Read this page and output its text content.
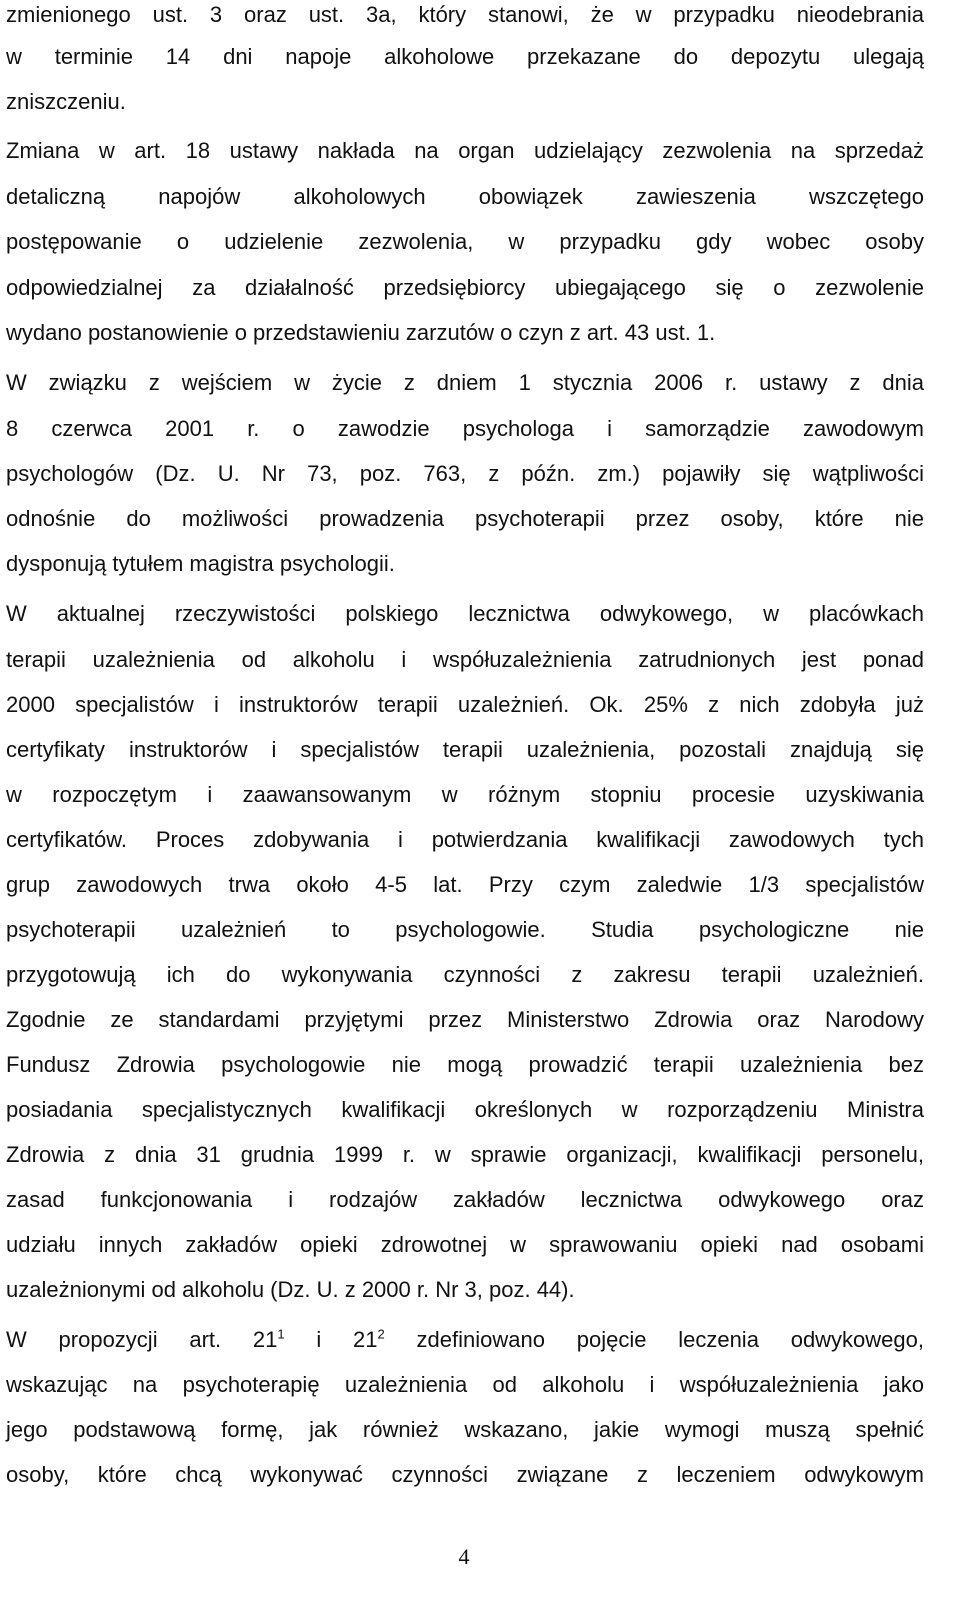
zmienionego ust. 3 oraz ust. 3a, który stanowi, że w przypadku nieodebrania
w terminie 14 dni napoje alkoholowe przekazane do depozytu ulegają
zniszczeniu.
Zmiana w art. 18 ustawy nakłada na organ udzielający zezwolenia na sprzedaż
detaliczną napojów alkoholowych obowiązek zawieszenia wszczętego
postępowanie o udzielenie zezwolenia, w przypadku gdy wobec osoby
odpowiedzialnej za działalność przedsiębiorcy ubiegającego się o zezwolenie
wydano postanowienie o przedstawieniu zarzutów o czyn z art. 43 ust. 1.
W związku z wejściem w życie z dniem 1 stycznia 2006 r. ustawy z dnia
8 czerwca 2001 r. o zawodzie psychologa i samorządzie zawodowym
psychologów (Dz. U. Nr 73, poz. 763, z późn. zm.) pojawiły się wątpliwości
odnośnie do możliwości prowadzenia psychoterapii przez osoby, które nie
dysponują tytułem magistra psychologii.
W aktualnej rzeczywistości polskiego lecznictwa odwykowego, w placówkach
terapii uzależnienia od alkoholu i współuzależnienia zatrudnionych jest ponad
2000 specjalistów i instruktorów terapii uzależnień. Ok. 25% z nich zdobyła już
certyfikaty instruktorów i specjalistów terapii uzależnienia, pozostali znajdują się
w rozpoczętym i zaawansowanym w różnym stopniu procesie uzyskiwania
certyfikatów. Proces zdobywania i potwierdzania kwalifikacji zawodowych tych
grup zawodowych trwa około 4-5 lat. Przy czym zaledwie 1/3 specjalistów
psychoterapii uzależnień to psychologowie. Studia psychologiczne nie
przygotowują ich do wykonywania czynności z zakresu terapii uzależnień.
Zgodnie ze standardami przyjętymi przez Ministerstwo Zdrowia oraz Narodowy
Fundusz Zdrowia psychologowie nie mogą prowadzić terapii uzależnienia bez
posiadania specjalistycznych kwalifikacji określonych w rozporządzeniu Ministra
Zdrowia z dnia 31 grudnia 1999 r. w sprawie organizacji, kwalifikacji personelu,
zasad funkcjonowania i rodzajów zakładów lecznictwa odwykowego oraz
udziału innych zakładów opieki zdrowotnej w sprawowaniu opieki nad osobami
uzależnionymi od alkoholu (Dz. U. z 2000 r. Nr 3, poz. 44).
W propozycji art. $21^1$ i $21^2$ zdefiniowano pojęcie leczenia odwykowego,
wskazując na psychoterapię uzależnienia od alkoholu i współuzależnienia jako
jego podstawową formę, jak również wskazano, jakie wymogi muszą spełnić
osoby, które chcą wykonywać czynności związane z leczeniem odwykowym
4
